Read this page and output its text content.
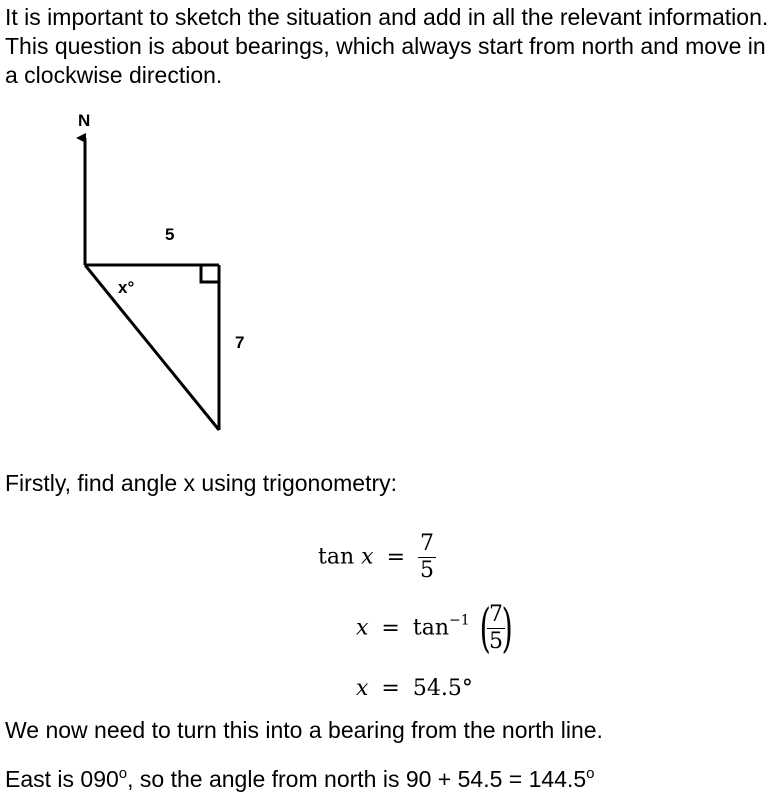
It is important to sketch the situation and add in all the relevant information. This question is about bearings, which always start from north and move in a clockwise direction.

N
5
7
x°

Firstly, find angle x using trigonometry:

$\tan x = \frac{7}{5}$
$x = \tan^{-1}$ (
$\frac{7}{5}$
)
x = 54.5°

We now need to turn this into a bearing from the north line.

East is 090$^o$, so the angle from north is $90 + 54.5 = 144.5^o$
